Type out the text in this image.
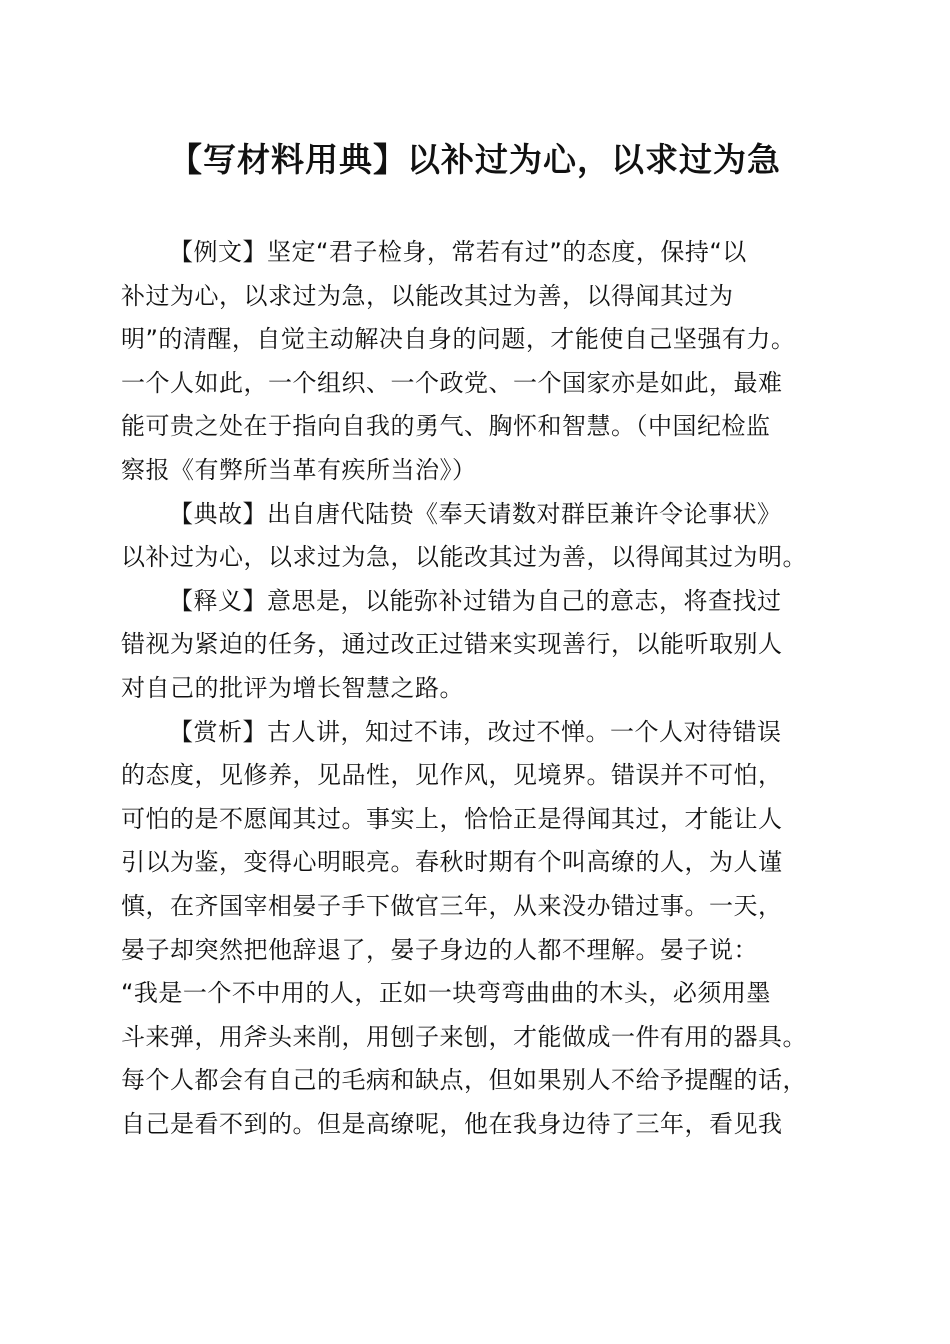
【写材料用典】以补过为心，以求过为急
【例文】坚定“君子检身，常若有过”的态度，保持“以
补过为心，以求过为急，以能改其过为善，以得闻其过为
明”的清醒，自觉主动解决自身的问题，才能使自己坚强有力。
一个人如此，一个组织、一个政党、一个国家亦是如此，最难
能可贵之处在于指向自我的勇气、胸怀和智慧。（中国纪检监
察报《有弊所当革有疾所当治》）
【典故】出自唐代陆贽《奉天请数对群臣兼许令论事状》
以补过为心，以求过为急，以能改其过为善，以得闻其过为明。
【释义】意思是，以能弥补过错为自己的意志，将查找过
错视为紧迫的任务，通过改正过错来实现善行，以能听取别人
对自己的批评为增长智慧之路。
【赏析】古人讲，知过不讳，改过不惮。一个人对待错误
的态度，见修养，见品性，见作风，见境界。错误并不可怕，
可怕的是不愿闻其过。事实上，恰恰正是得闻其过，才能让人
引以为鉴，变得心明眼亮。春秋时期有个叫高缭的人，为人谨
慎，在齐国宰相晏子手下做官三年，从来没办错过事。一天，
晏子却突然把他辞退了，晏子身边的人都不理解。晏子说：
“我是一个不中用的人，正如一块弯弯曲曲的木头，必须用墨
斗来弹，用斧头来削，用刨子来刨，才能做成一件有用的器具。
每个人都会有自己的毛病和缺点，但如果别人不给予提醒的话，
自己是看不到的。但是高缭呢，他在我身边待了三年，看见我
